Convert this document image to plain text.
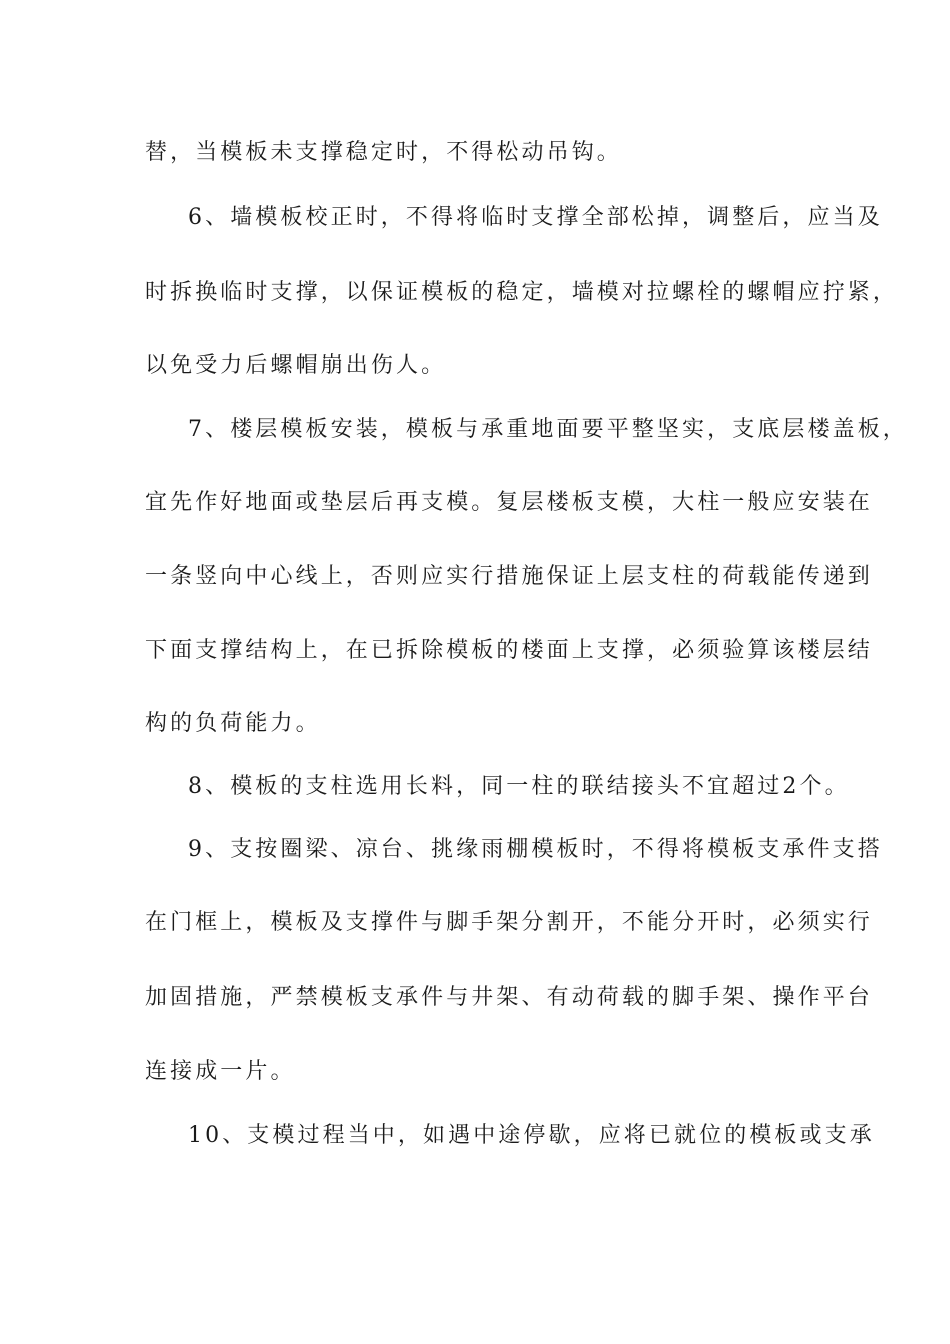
替，当模板未支撑稳定时，不得松动吊钩。
6、墙模板校正时，不得将临时支撑全部松掉，调整后，应当及
时拆换临时支撑，以保证模板的稳定，墙模对拉螺栓的螺帽应拧紧，
以免受力后螺帽崩出伤人。
7、楼层模板安装，模板与承重地面要平整坚实，支底层楼盖板，
宜先作好地面或垫层后再支模。复层楼板支模，大柱一般应安装在
一条竖向中心线上，否则应实行措施保证上层支柱的荷载能传递到
下面支撑结构上，在已拆除模板的楼面上支撑，必须验算该楼层结
构的负荷能力。
8、模板的支柱选用长料，同一柱的联结接头不宜超过2个。
9、支按圈梁、凉台、挑缘雨棚模板时，不得将模板支承件支搭
在门框上，模板及支撑件与脚手架分割开，不能分开时，必须实行
加固措施，严禁模板支承件与井架、有动荷载的脚手架、操作平台
连接成一片。
10、支模过程当中，如遇中途停歇，应将已就位的模板或支承
